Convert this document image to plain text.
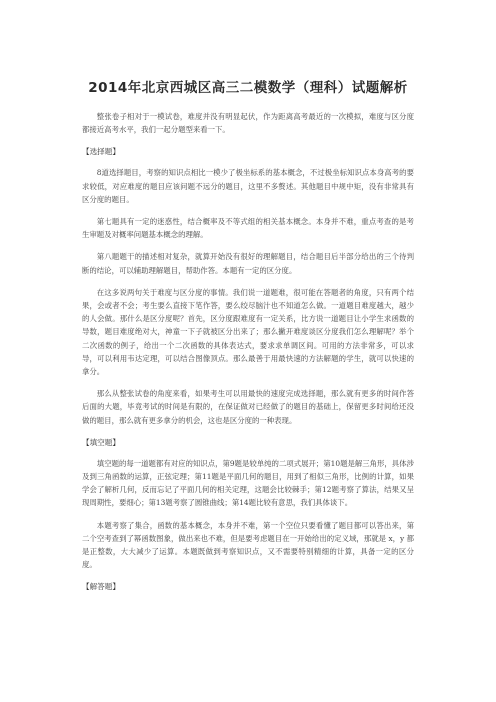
2014年北京西城区高三二模数学（理科）试题解析

整张卷子相对于一模试卷，难度并没有明显起伏，作为距离高考最近的一次模拟，难度与区分度都接近高考水平，我们一起分题型来看一下。

【选择题】

8道选择题目，考察的知识点相比一模少了极坐标系的基本概念，不过极坐标知识点本身高考的要求较低，对应难度的题目应该问题不远分的题目，这里不多赘述。其他题目中规中矩，没有非常具有区分度的题目。

第七题具有一定的迷惑性，结合概率及不等式组的相关基本概念。本身并不难，重点考查的是考生审题及对概率问题基本概念的理解。

第八题题干的描述相对复杂，就算开始没有很好的理解题目，结合题目后半部分给出的三个待判断的结论，可以辅助理解题目，帮助作答。本题有一定的区分度。

在这多说两句关于难度与区分度的事情。我们说一道题难，很可能在答题者的角度，只有两个结果，会或者不会；考生要么直接下笔作答，要么绞尽脑汁也不知道怎么做。一道题目难度越大，越少的人会做。那什么是区分度呢？首先，区分度跟难度有一定关系，比方说一道题目让小学生求函数的导数，题目难度绝对大，神童一下子就被区分出来了；那么撇开难度谈区分度我们怎么理解呢？举个二次函数的例子，给出一个二次函数的具体表达式，要求求单调区间。可用的方法非常多，可以求导，可以利用韦达定理，可以结合图像顶点。那么最善于用最快速的方法解题的学生，就可以快速的拿分。

那么从整张试卷的角度来看，如果考生可以用最快的速度完成选择题，那么就有更多的时间作答后面的大题，毕竟考试的时间是有限的，在保证做对已经做了的题目的基础上，保留更多时间给还没做的题目，那么就有更多拿分的机会，这也是区分度的一种表现。

【填空题】

填空题的每一道题都有对应的知识点，第9题是较单纯的二项式展开；第10题是解三角形，具体涉及到三角函数的运算，正弦定理；第11题是平面几何的题目，用到了相似三角形，比例的计算，如果学会了解析几何，反而忘记了平面几何的相关定理，这题会比较棘手；第12题考察了算法，结果又呈现周期性，要细心；第13题考察了圆锥曲线；第14题比较有意思，我们具体谈下。

本题考察了集合，函数的基本概念，本身并不难，第一个空位只要看懂了题目都可以答出来，第二个空考查到了幂函数图象，做出来也不难，但是要考虑题目在一开始给出的定义域，那就是 x，y 都是正整数，大大减少了运算。本题既做到考察知识点，又不需要特别精细的计算，具备一定的区分度。

【解答题】
